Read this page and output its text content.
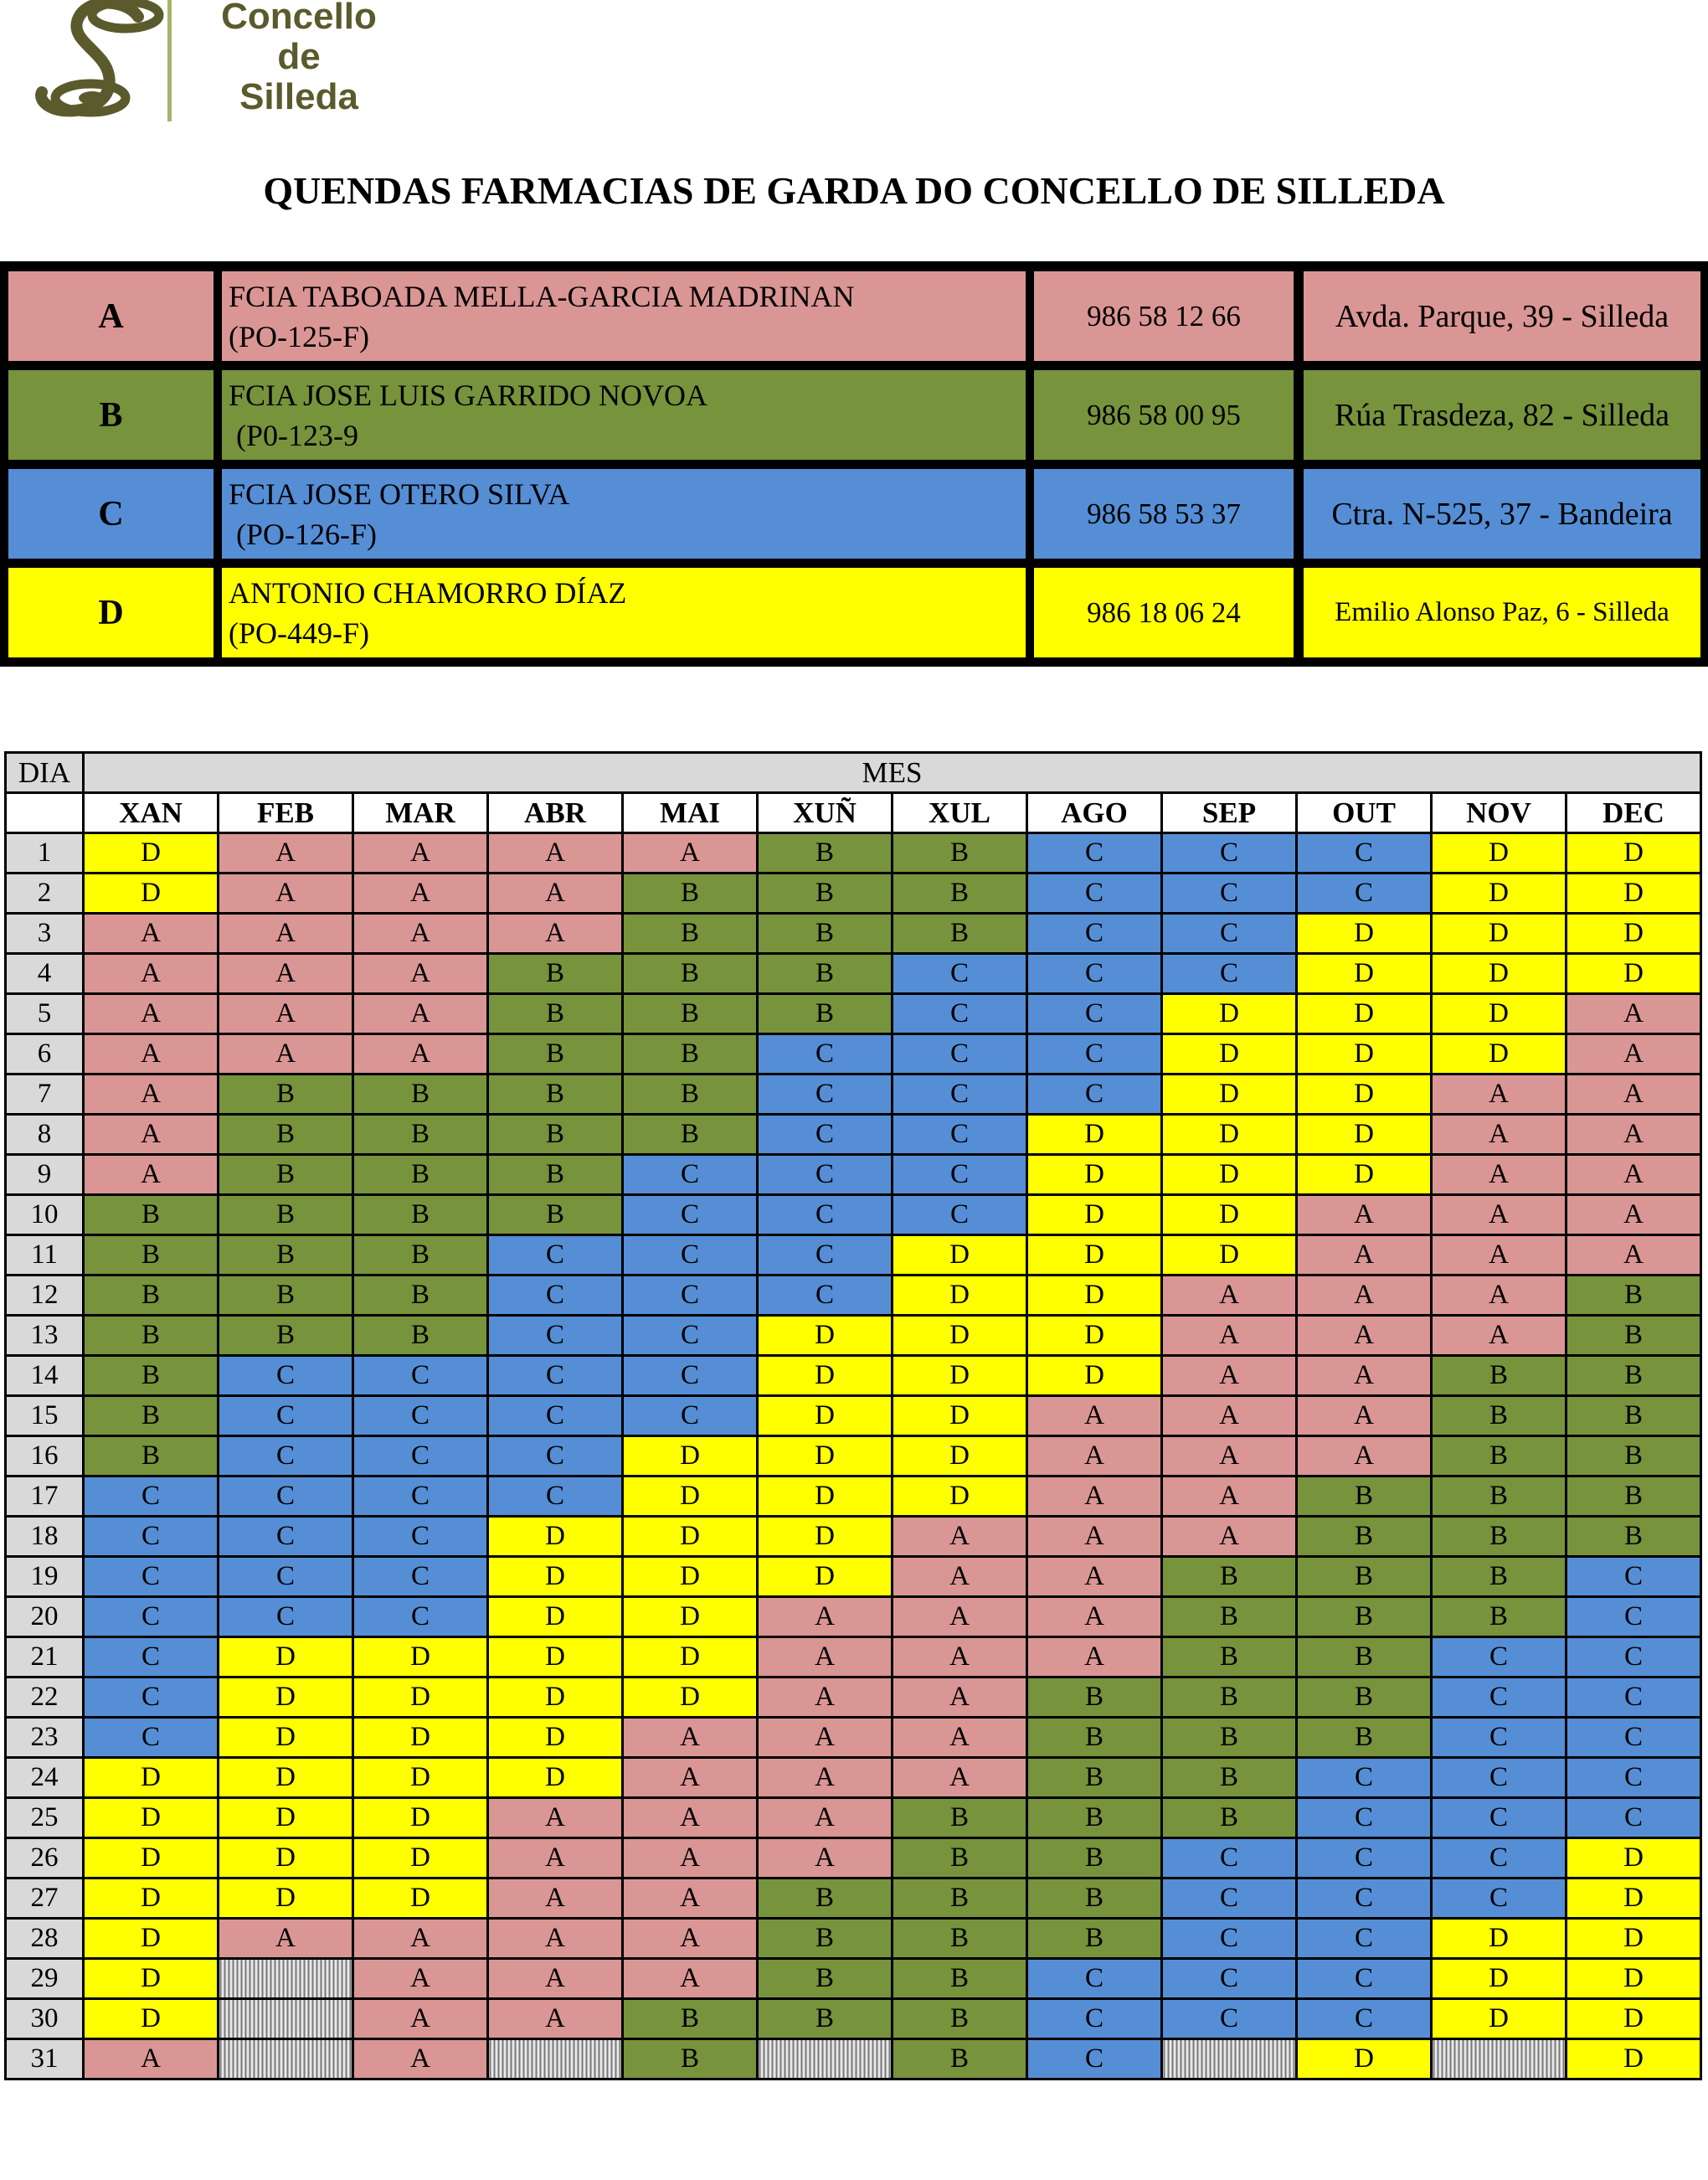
Concello
de
Silleda
QUENDAS FARMACIAS DE GARDA DO CONCELLO DE SILLEDA
A
FCIA TABOADA MELLA-GARCIA MADRINAN
(PO-125-F)
986 58 12 66	Avda. Parque, 39 - Silleda
B
FCIA JOSE LUIS GARRIDO NOVOA
(P0-123-9
986 58 00 95	Rúa Trasdeza, 82 - Silleda
C
FCIA JOSE OTERO SILVA
(PO-126-F)
986 58 53 37	Ctra. N-525, 37 - Bandeira
D
ANTONIO CHAMORRO DÍAZ
(PO-449-F)
986 18 06 24	Emilio Alonso Paz, 6 - Silleda
DIA	MES											
	XAN	FEB	MAR	ABR	MAI	XUÑ	XUL	AGO	SEP	OUT	NOV	DEC
1	D	A	A	A	A	B	B	C	C	C	D	D
2	D	A	A	A	B	B	B	C	C	C	D	D
3	A	A	A	A	B	B	B	C	C	D	D	D
4	A	A	A	B	B	B	C	C	C	D	D	D
5	A	A	A	B	B	B	C	C	D	D	D	A
6	A	A	A	B	B	C	C	C	D	D	D	A
7	A	B	B	B	B	C	C	C	D	D	A	A
8	A	B	B	B	B	C	C	D	D	D	A	A
9	A	B	B	B	C	C	C	D	D	D	A	A
10	B	B	B	B	C	C	C	D	D	A	A	A
11	B	B	B	C	C	C	D	D	D	A	A	A
12	B	B	B	C	C	C	D	D	A	A	A	B
13	B	B	B	C	C	D	D	D	A	A	A	B
14	B	C	C	C	C	D	D	D	A	A	B	B
15	B	C	C	C	C	D	D	A	A	A	B	B
16	B	C	C	C	D	D	D	A	A	A	B	B
17	C	C	C	C	D	D	D	A	A	B	B	B
18	C	C	C	D	D	D	A	A	A	B	B	B
19	C	C	C	D	D	D	A	A	B	B	B	C
20	C	C	C	D	D	A	A	A	B	B	B	C
21	C	D	D	D	D	A	A	A	B	B	C	C
22	C	D	D	D	D	A	A	B	B	B	C	C
23	C	D	D	D	A	A	A	B	B	B	C	C
24	D	D	D	D	A	A	A	B	B	C	C	C
25	D	D	D	A	A	A	B	B	B	C	C	C
26	D	D	D	A	A	A	B	B	C	C	C	D
27	D	D	D	A	A	B	B	B	C	C	C	D
28	D	A	A	A	A	B	B	B	C	C	D	D
29	D		A	A	A	B	B	C	C	C	D	D
30	D		A	A	B	B	B	C	C	C	D	D
31	A		A		B		B	C		D		D
